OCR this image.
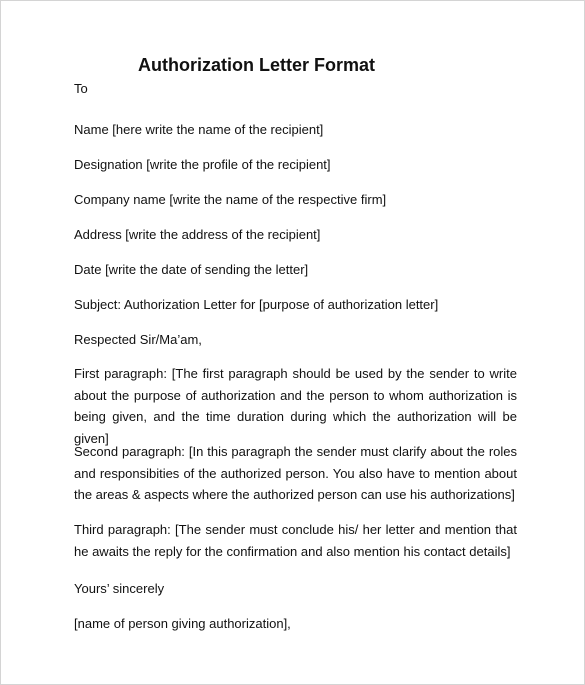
Authorization Letter Format
To
Name [here write the name of the recipient]
Designation [write the profile of the recipient]
Company name [write the name of the respective firm]
Address [write the address of the recipient]
Date [write the date of sending the letter]
Subject: Authorization Letter for [purpose of authorization letter]
Respected Sir/Ma’am,
First paragraph: [The first paragraph should be used by the sender to write about the purpose of authorization and the person to whom authorization is being given, and the time duration during which the authorization will be given]
Second paragraph: [In this paragraph the sender must clarify about the roles and responsibities of the authorized person. You also have to mention about the areas & aspects where the authorized person can use his authorizations]
Third paragraph: [The sender must conclude his/ her letter and mention that he awaits the reply for the confirmation and also mention his contact details]
Yours’ sincerely
[name of person giving authorization],
